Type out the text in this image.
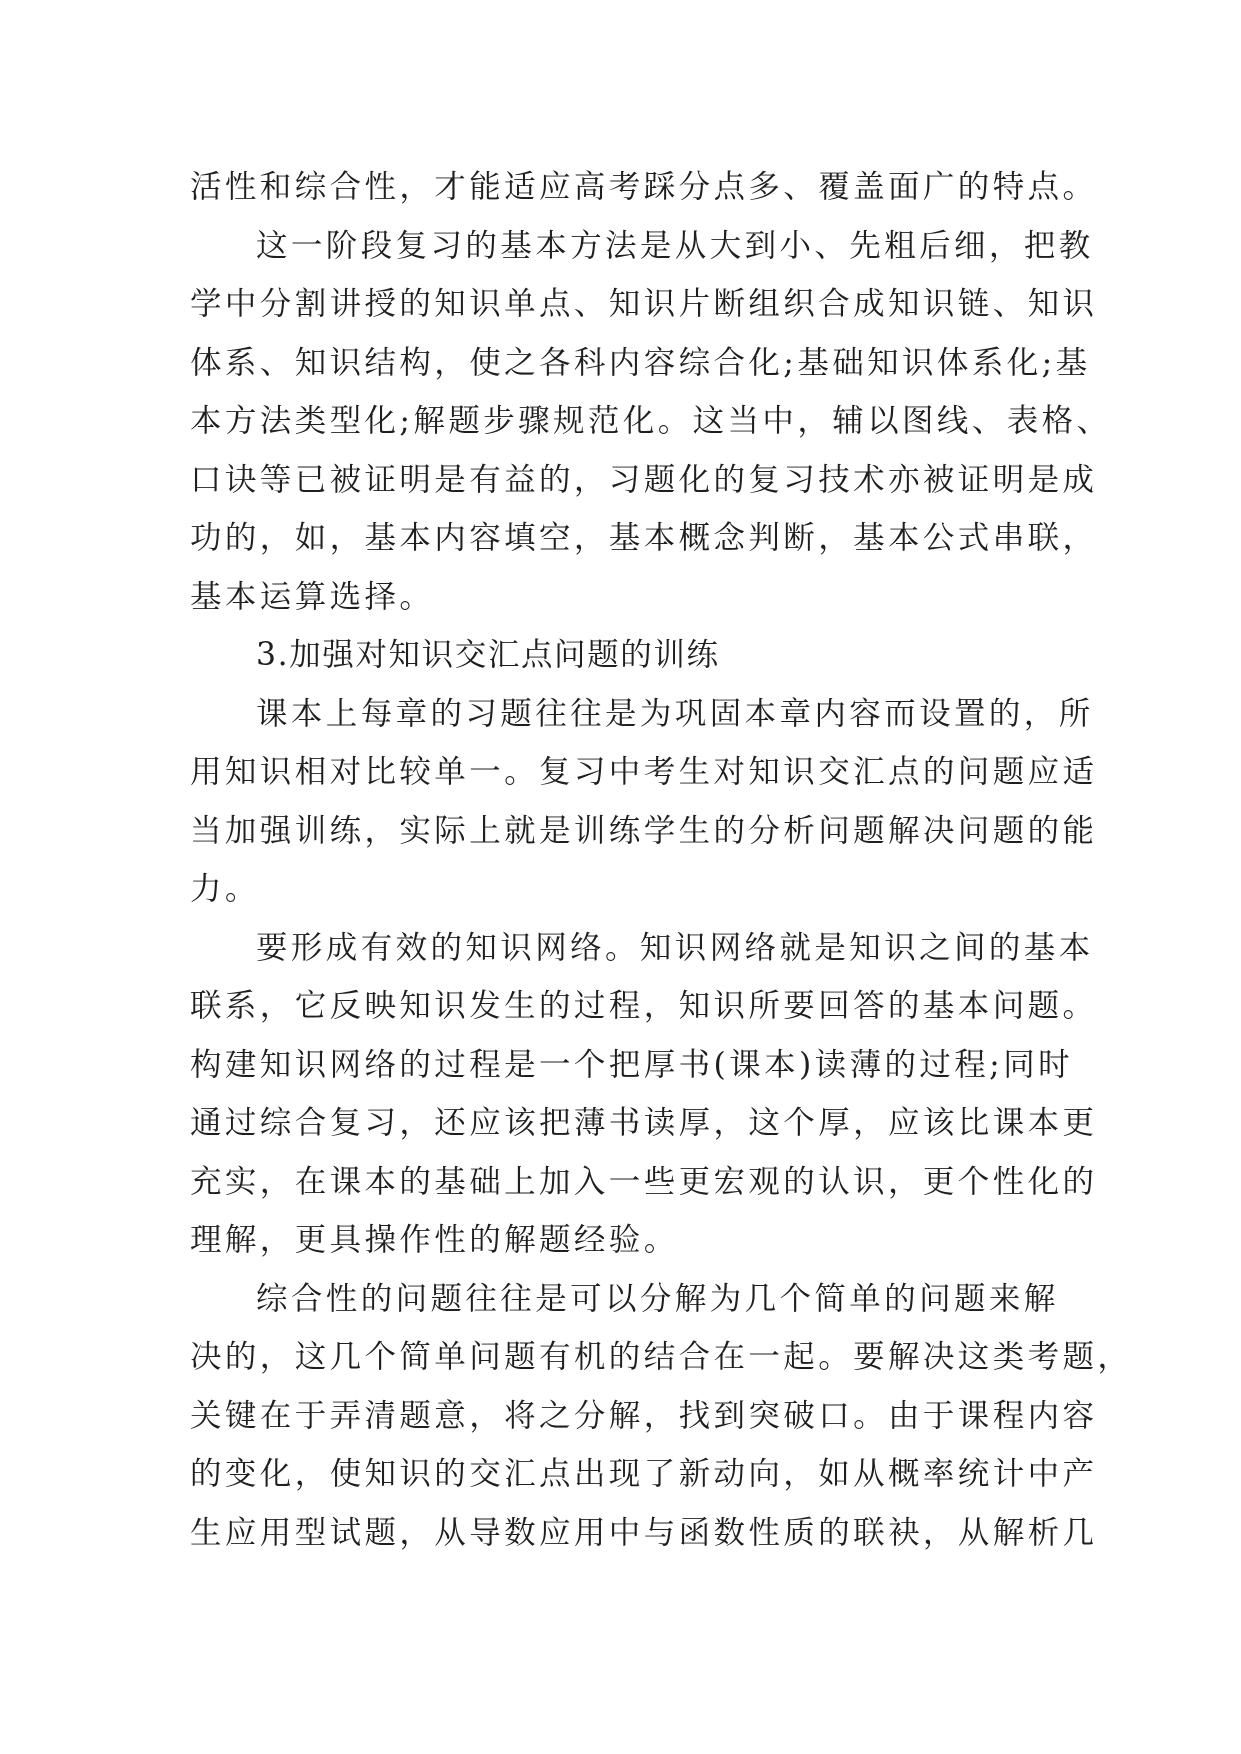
活性和综合性，才能适应高考踩分点多、覆盖面广的特点。
这一阶段复习的基本方法是从大到小、先粗后细，把教
学中分割讲授的知识单点、知识片断组织合成知识链、知识
体系、知识结构，使之各科内容综合化;基础知识体系化;基
本方法类型化;解题步骤规范化。这当中，辅以图线、表格、
口诀等已被证明是有益的，习题化的复习技术亦被证明是成
功的，如，基本内容填空，基本概念判断，基本公式串联，
基本运算选择。
3.加强对知识交汇点问题的训练
课本上每章的习题往往是为巩固本章内容而设置的，所
用知识相对比较单一。复习中考生对知识交汇点的问题应适
当加强训练，实际上就是训练学生的分析问题解决问题的能
力。
要形成有效的知识网络。知识网络就是知识之间的基本
联系，它反映知识发生的过程，知识所要回答的基本问题。
构建知识网络的过程是一个把厚书(课本)读薄的过程;同时
通过综合复习，还应该把薄书读厚，这个厚，应该比课本更
充实，在课本的基础上加入一些更宏观的认识，更个性化的
理解，更具操作性的解题经验。
综合性的问题往往是可以分解为几个简单的问题来解
决的，这几个简单问题有机的结合在一起。要解决这类考题，
关键在于弄清题意，将之分解，找到突破口。由于课程内容
的变化，使知识的交汇点出现了新动向，如从概率统计中产
生应用型试题，从导数应用中与函数性质的联袂，从解析几
